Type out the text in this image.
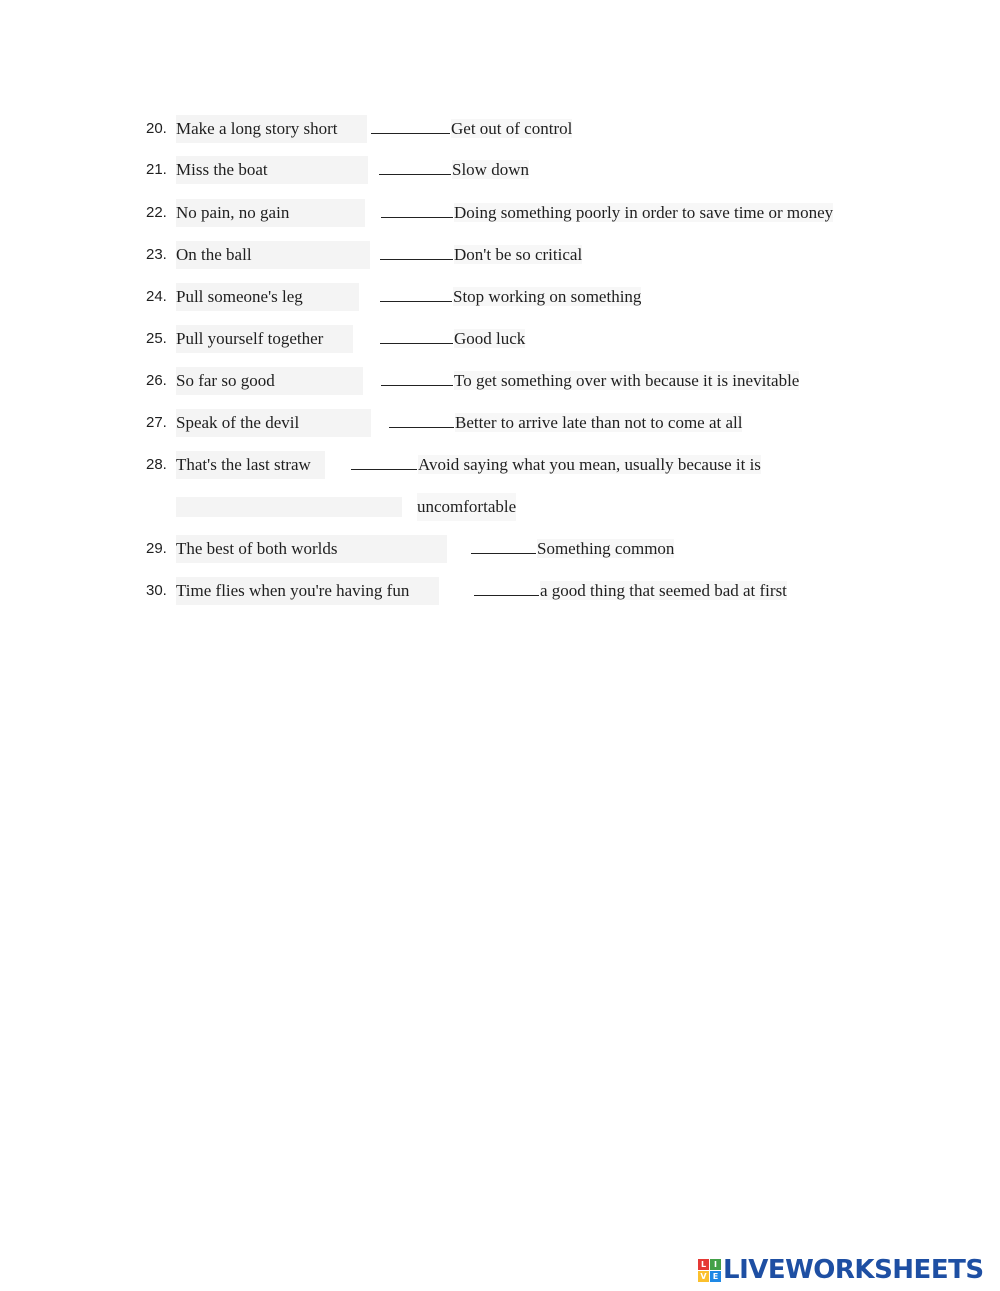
20. Make a long story short	Get out of control
21. Miss the boat	Slow down
22. No pain, no gain	Doing something poorly in order to save time or money
23. On the ball	Don't be so critical
24. Pull someone's leg	Stop working on something
25. Pull yourself together	Good luck
26. So far so good	To get something over with because it is inevitable
27. Speak of the devil	Better to arrive late than not to come at all
28. That's the last straw	Avoid saying what you mean, usually because it is
uncomfortable
29. The best of both worlds	Something common
30. Time flies when you're having fun	a good thing that seemed bad at first
L I
V E LIVEWORKSHEETS
